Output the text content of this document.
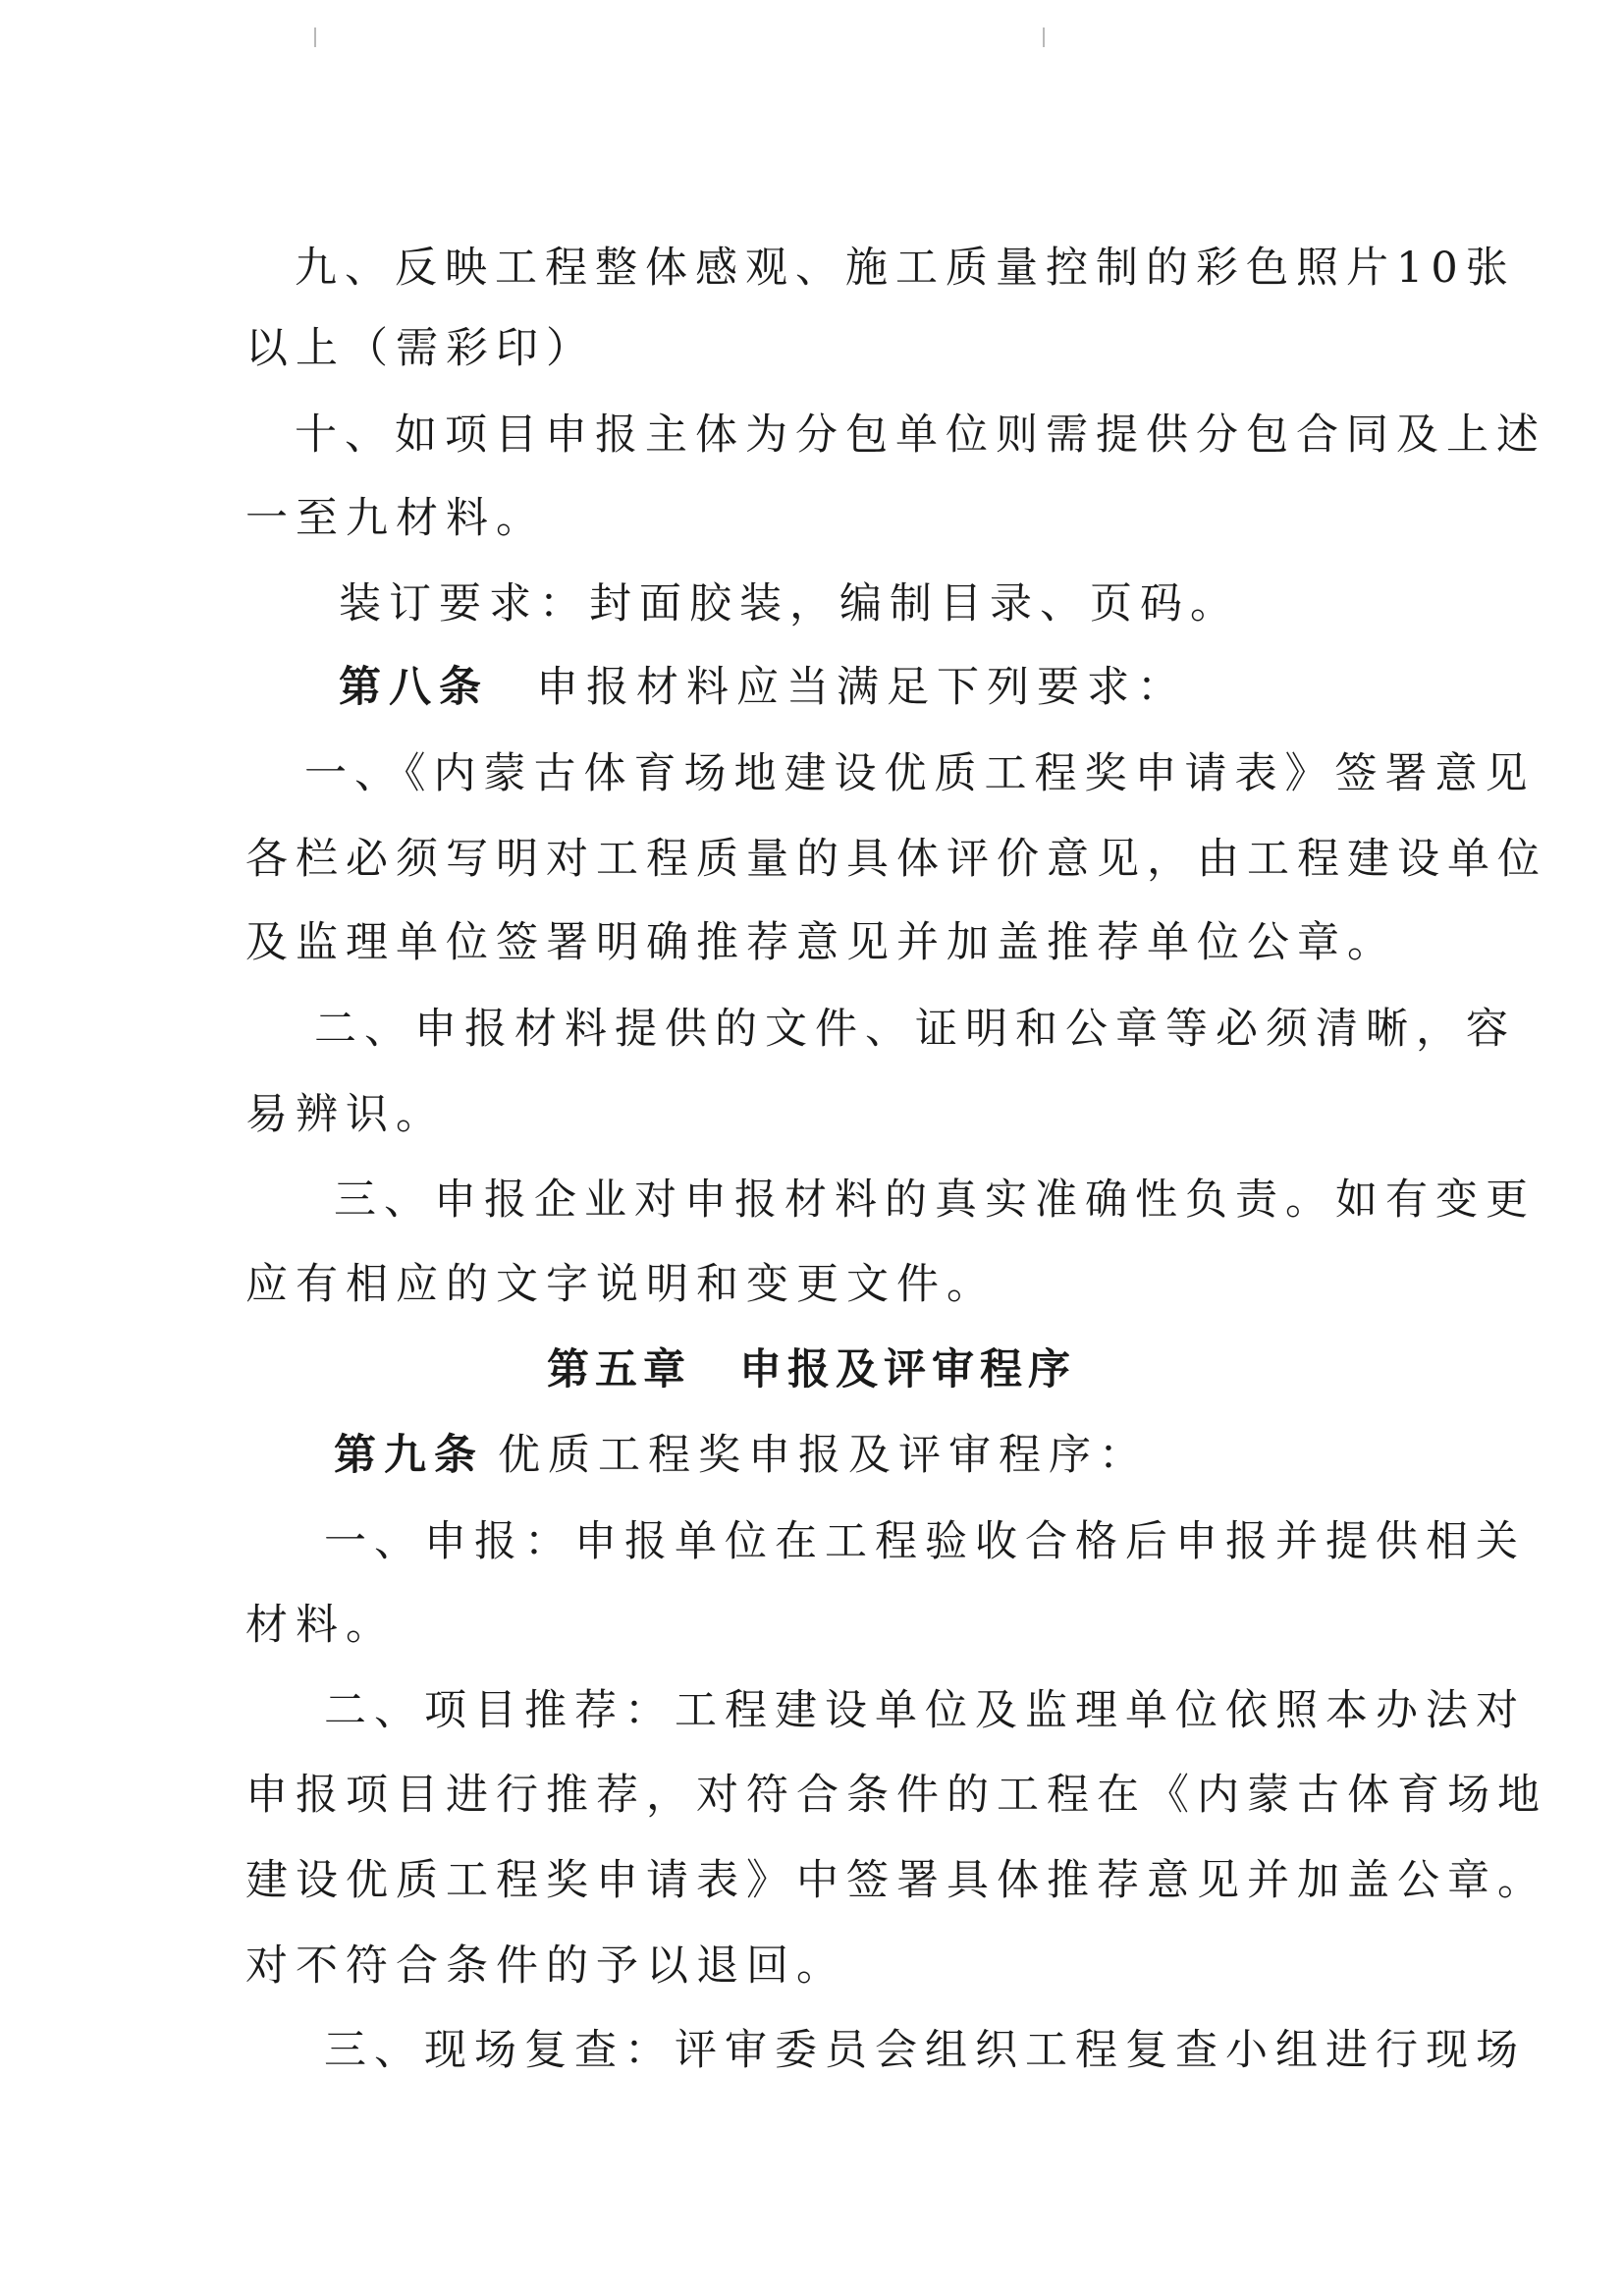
九、反映工程整体感观、施工质量控制的彩色照片10张
以上（需彩印）
十、如项目申报主体为分包单位则需提供分包合同及上述
一至九材料。
装订要求：封面胶装，编制目录、页码。
第八条 申报材料应当满足下列要求：
一、《内蒙古体育场地建设优质工程奖申请表》签署意见
各栏必须写明对工程质量的具体评价意见，由工程建设单位
及监理单位签署明确推荐意见并加盖推荐单位公章。
二、申报材料提供的文件、证明和公章等必须清晰，容
易辨识。
三、申报企业对申报材料的真实准确性负责。如有变更
应有相应的文字说明和变更文件。
第五章　申报及评审程序
第九条 优质工程奖申报及评审程序：
一、申报：申报单位在工程验收合格后申报并提供相关
材料。
二、项目推荐：工程建设单位及监理单位依照本办法对
申报项目进行推荐，对符合条件的工程在《内蒙古体育场地
建设优质工程奖申请表》中签署具体推荐意见并加盖公章。
对不符合条件的予以退回。
三、现场复查：评审委员会组织工程复查小组进行现场
